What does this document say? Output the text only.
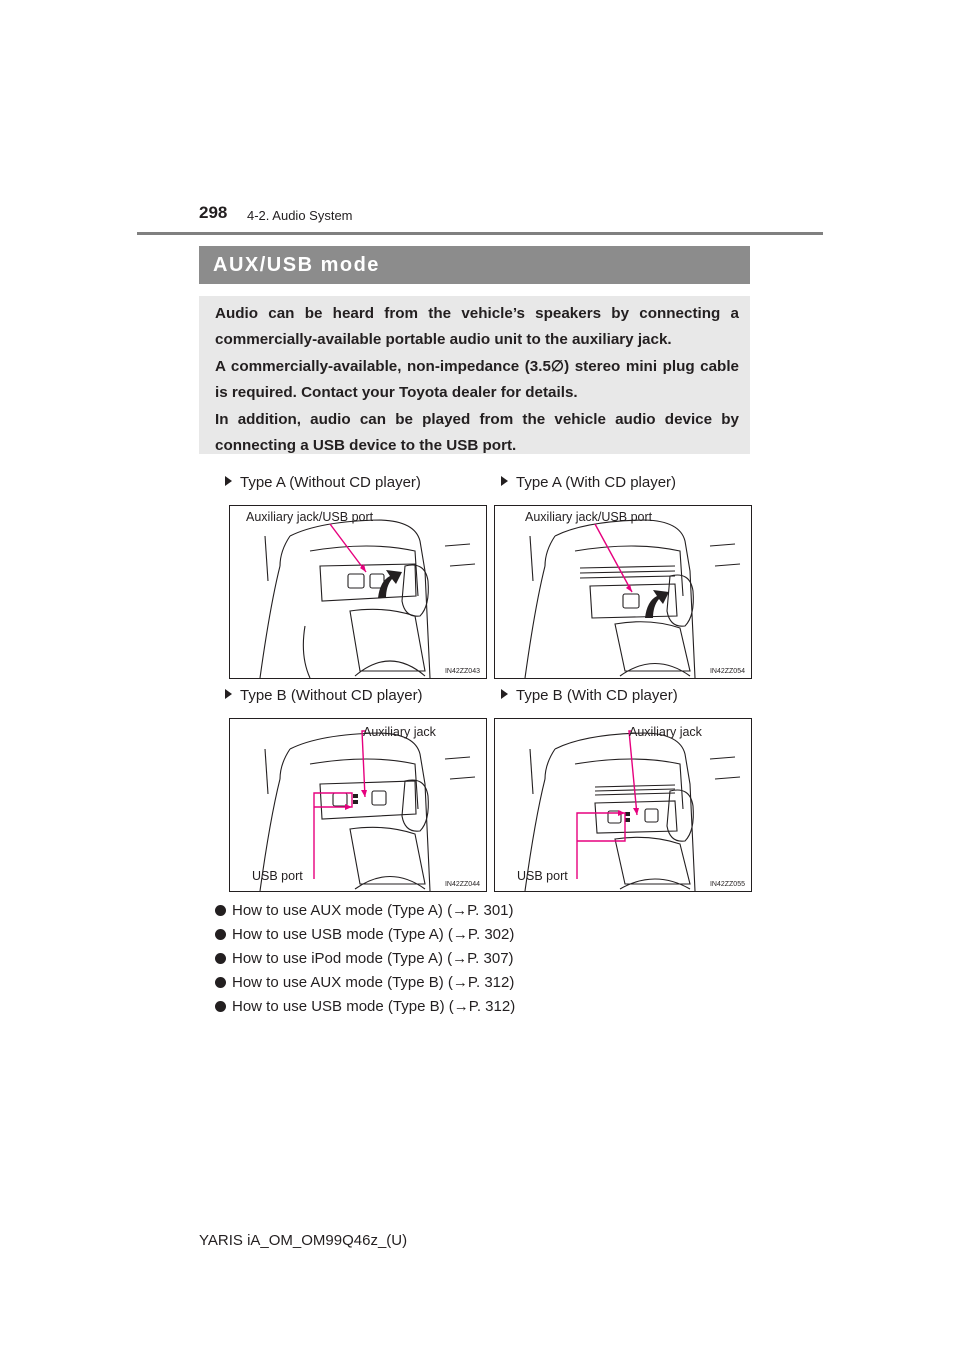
298 4-2. Audio System
AUX/USB mode
Audio can be heard from the vehicle’s speakers by connecting a commercially-available portable audio unit to the auxiliary jack.
A commercially-available, non-impedance (3.5∅) stereo mini plug cable is required. Contact your Toyota dealer for details.
In addition, audio can be played from the vehicle audio device by connecting a USB device to the USB port.
Type A (Without CD player)	Type A (With CD player)
Auxiliary jack/USB port
IN42ZZ043
Auxiliary jack/USB port
IN42ZZ054
Type B (Without CD player)	Type B (With CD player)
Auxiliary jack
USB port
IN42ZZ044
Auxiliary jack
USB port
IN42ZZ055
How to use AUX mode (Type A) (→P. 301)
How to use USB mode (Type A) (→P. 302)
How to use iPod mode (Type A) (→P. 307)
How to use AUX mode (Type B) (→P. 312)
How to use USB mode (Type B) (→P. 312)
YARIS iA_OM_OM99Q46z_(U)
